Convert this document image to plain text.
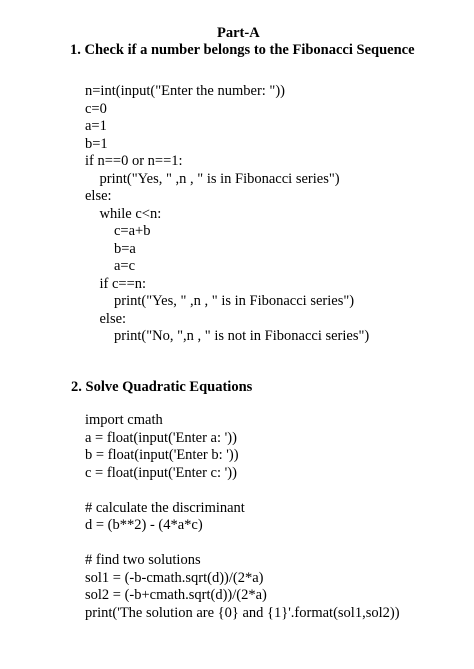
Part-A
1. Check if a number belongs to the Fibonacci Sequence
n=int(input("Enter the number: "))
c=0
a=1
b=1
if n==0 or n==1:
print("Yes, " ,n , " is in Fibonacci series")
else:
while c<n:
c=a+b
b=a
a=c
if c==n:
print("Yes, " ,n , " is in Fibonacci series")
else:
print("No, ",n , " is not in Fibonacci series")
2. Solve Quadratic Equations
import cmath
a = float(input('Enter a: '))
b = float(input('Enter b: '))
c = float(input('Enter c: '))

# calculate the discriminant
d = (b**2) - (4*a*c)

# find two solutions
sol1 = (-b-cmath.sqrt(d))/(2*a)
sol2 = (-b+cmath.sqrt(d))/(2*a)
print('The solution are {0} and {1}'.format(sol1,sol2))
